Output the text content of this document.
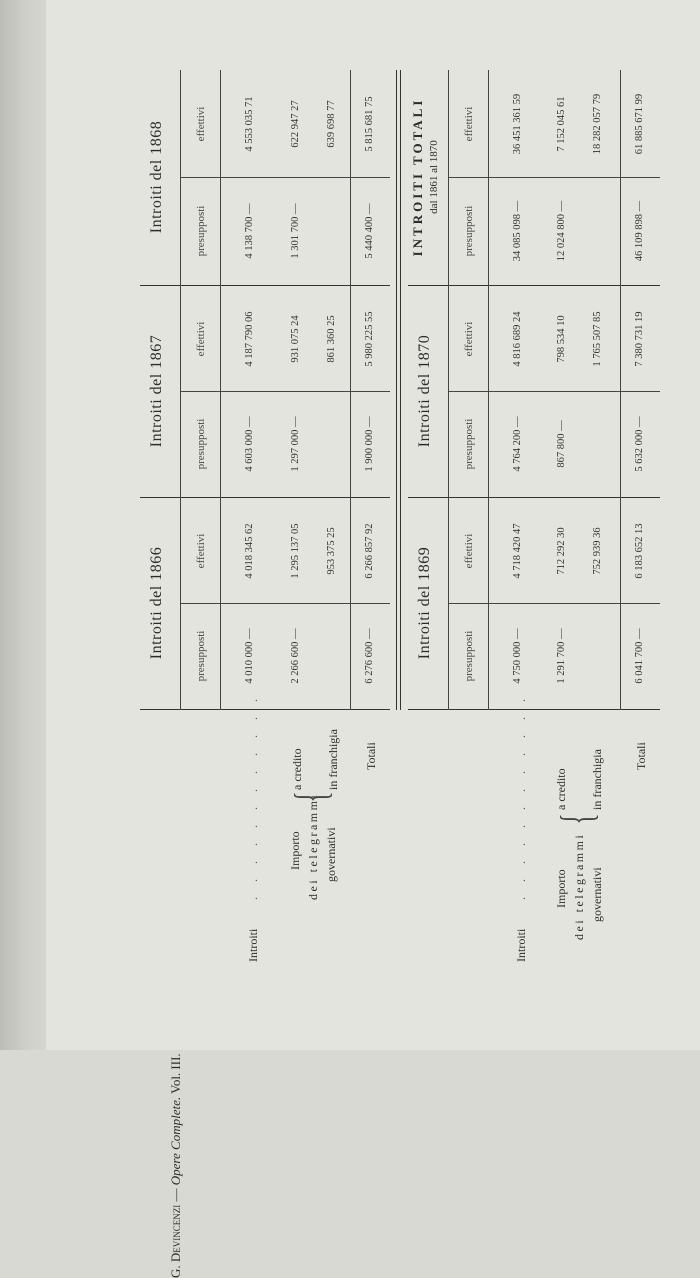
Introiti
. . . . . . . . . . . . Importo dei telegrammi governativi
{
a credito in franchigia Totali
Introiti del 1866
Introiti del 1867
Introiti del 1868
presupposti
effettivi
presupposti
effettivi
presupposti
effettivi
4 010 000 —
4 018 345 62
2 266 600 —
1 295 137 05 953 375 25
6 276 600 —
6 266 857 92
4 603 000 —
4 187 790 06
1 297 000 —
931 075 24 861 360 25
1 900 000 —
5 980 225 55
4 138 700 —
4 553 035 71
1 301 700 —
622 947 27 639 698 77
5 440 400 —
5 815 681 75
Introiti
. . . . . . . . . . . . Importo dei telegrammi governativi
{
a credito in franchigia	Totali
Introiti del 1869
Introiti del 1870
INTROITI TOTALI dal 1861 al 1870
presupposti
effettivi
presupposti
effettivi
presupposti
effettivi
4 750 000 —
4 718 420 47
1 291 700 —
712 292 30 752 939 36
6 041 700 —
6 183 652 13
4 764 200 —
4 816 689 24
867 800 —
798 534 10 1 765 507 85
5 632 000 —
7 380 731 19
34 085 098 —
36 451 361 59
12 024 800 —
7 152 045 61 18 282 057 79
46 109 898 —
61 885 671 99
G. Devincenzi — Opere Complete. Vol. III.
